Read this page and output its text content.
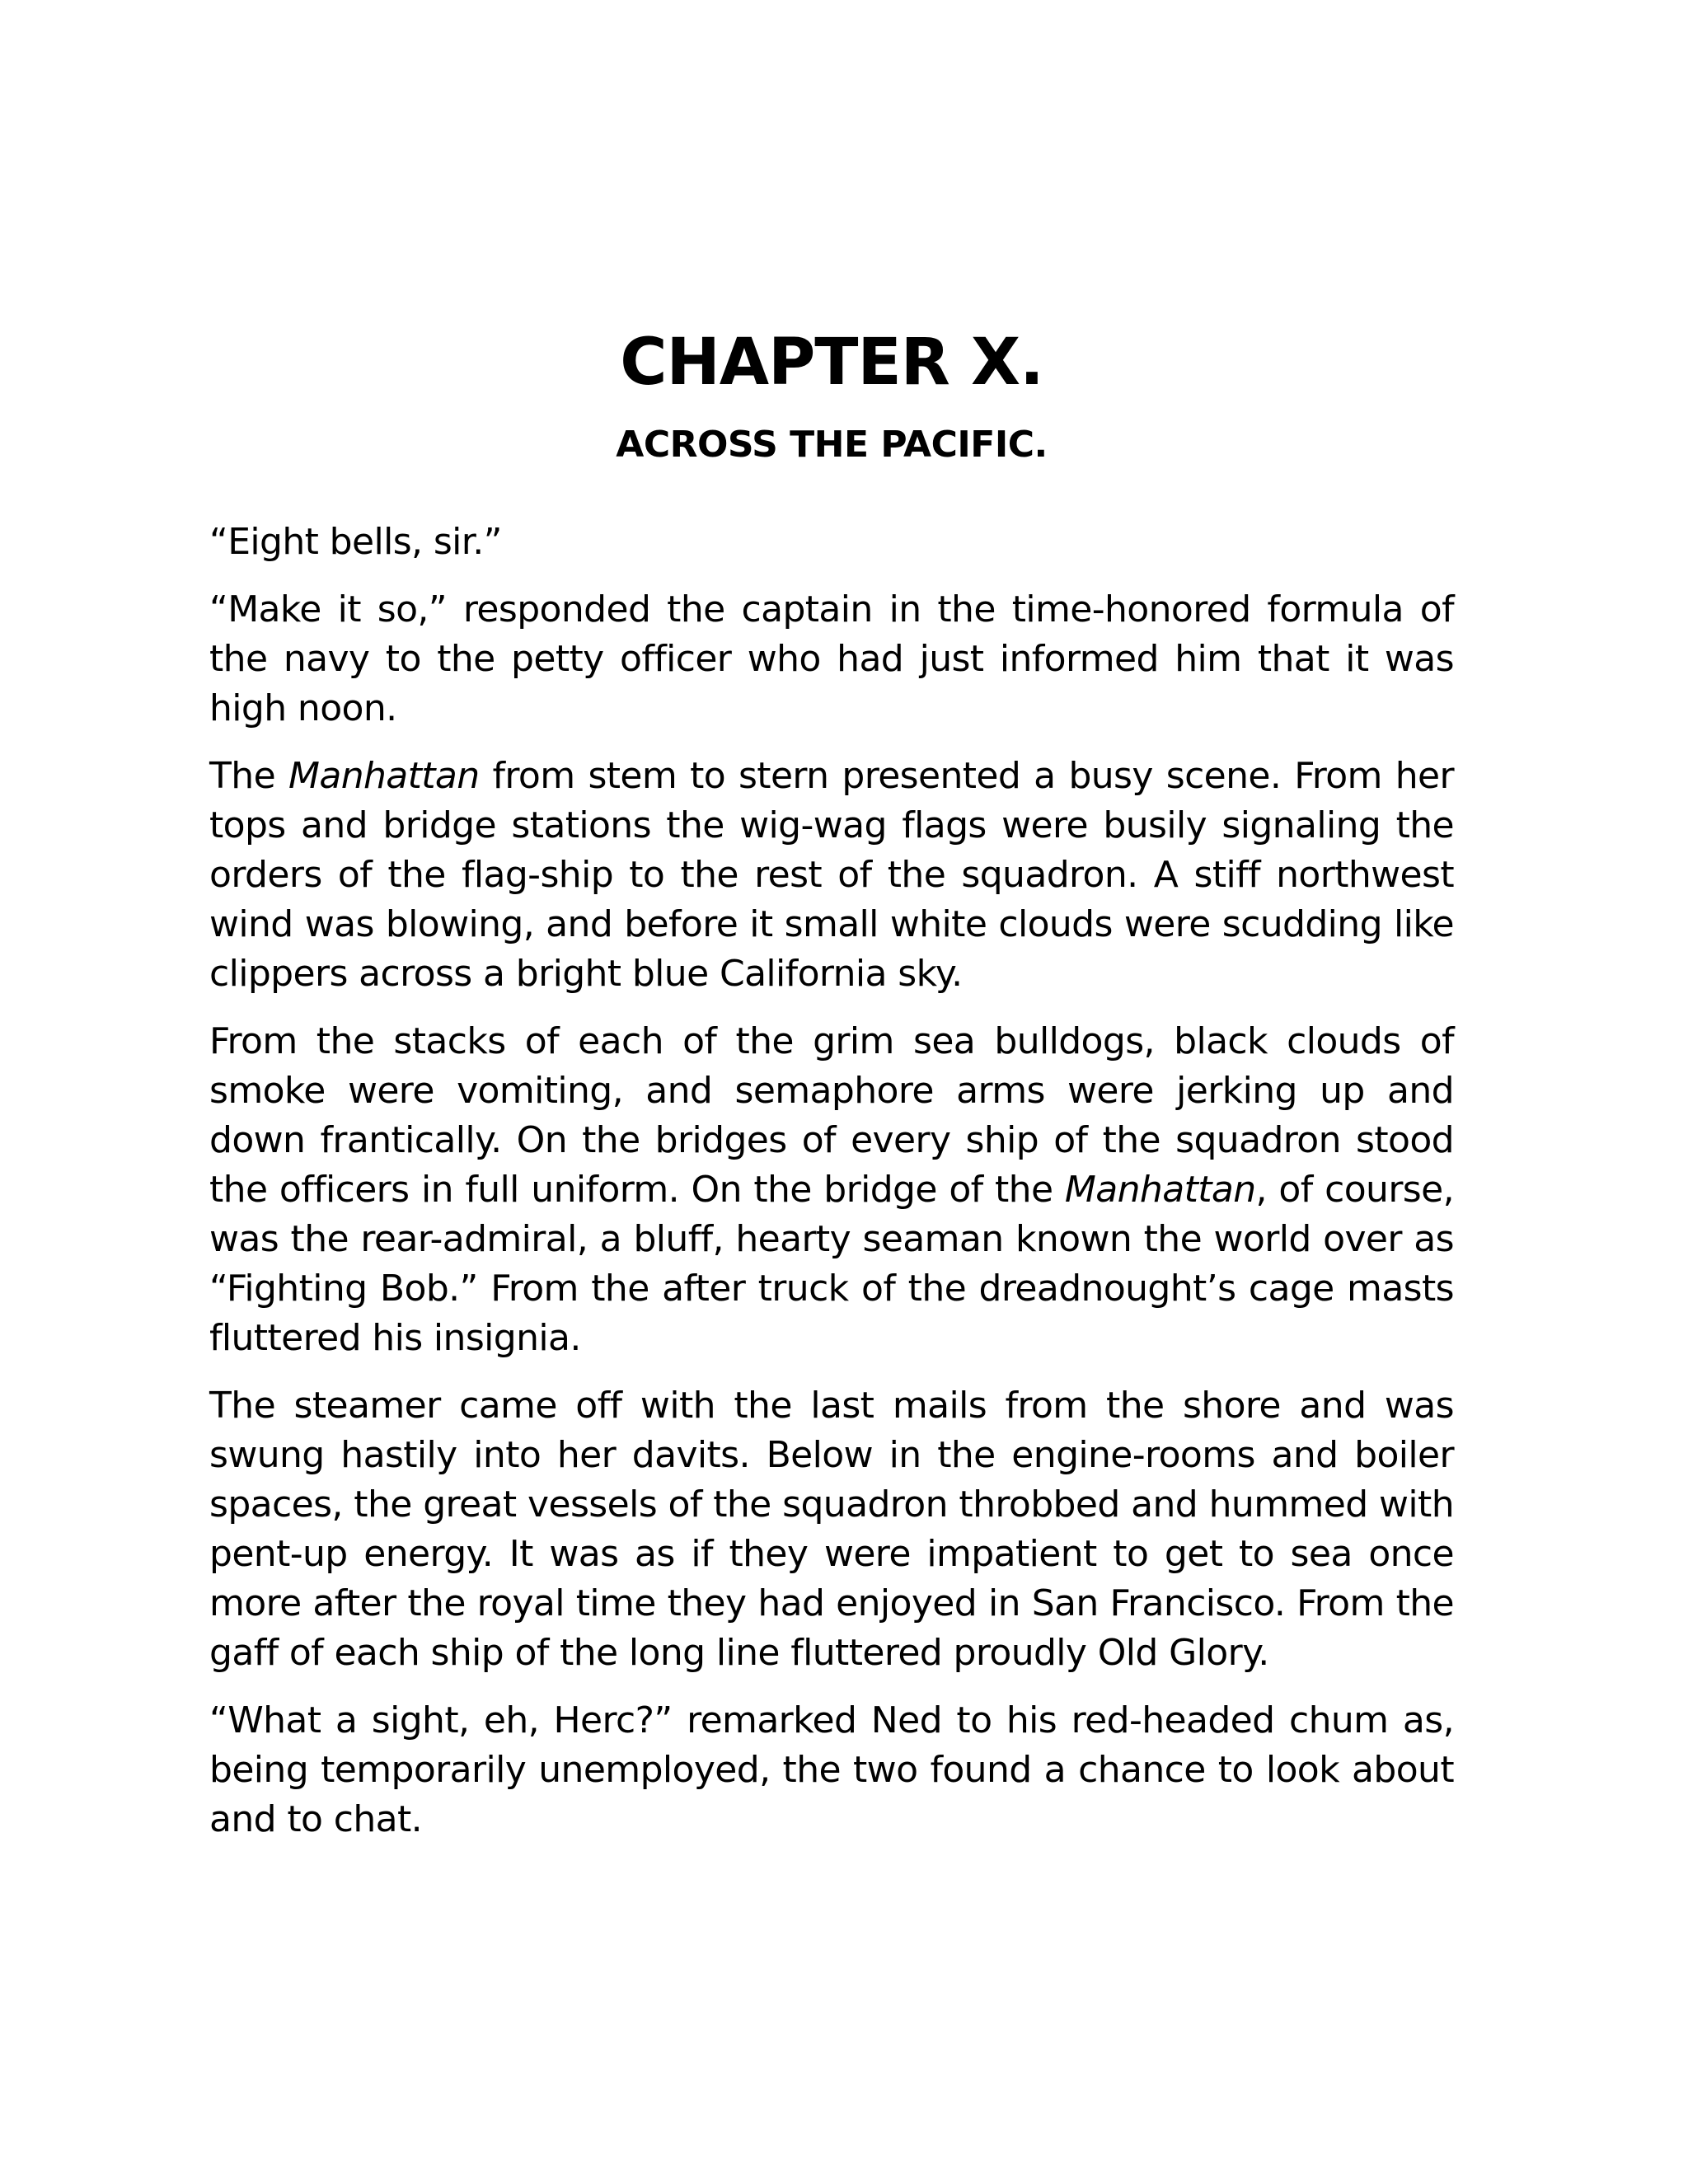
CHAPTER X.
ACROSS THE PACIFIC.

“Eight bells, sir.”

“Make it so,” responded the captain in the time-honored formula of the navy to the petty officer who had just informed him that it was high noon.

The Manhattan from stem to stern presented a busy scene. From her tops and bridge stations the wig-wag flags were busily signaling the orders of the flag-ship to the rest of the squadron. A stiff northwest wind was blowing, and before it small white clouds were scudding like clippers across a bright blue California sky.

From the stacks of each of the grim sea bulldogs, black clouds of smoke were vomiting, and semaphore arms were jerking up and down frantically. On the bridges of every ship of the squadron stood the officers in full uniform. On the bridge of the Manhattan, of course, was the rear-admiral, a bluff, hearty seaman known the world over as “Fighting Bob.” From the after truck of the dreadnought’s cage masts fluttered his insignia.

The steamer came off with the last mails from the shore and was swung hastily into her davits. Below in the engine-rooms and boiler spaces, the great vessels of the squadron throbbed and hummed with pent-up energy. It was as if they were impatient to get to sea once more after the royal time they had enjoyed in San Francisco. From the gaff of each ship of the long line fluttered proudly Old Glory.

“What a sight, eh, Herc?” remarked Ned to his red-headed chum as, being temporarily unemployed, the two found a chance to look about and to chat.
